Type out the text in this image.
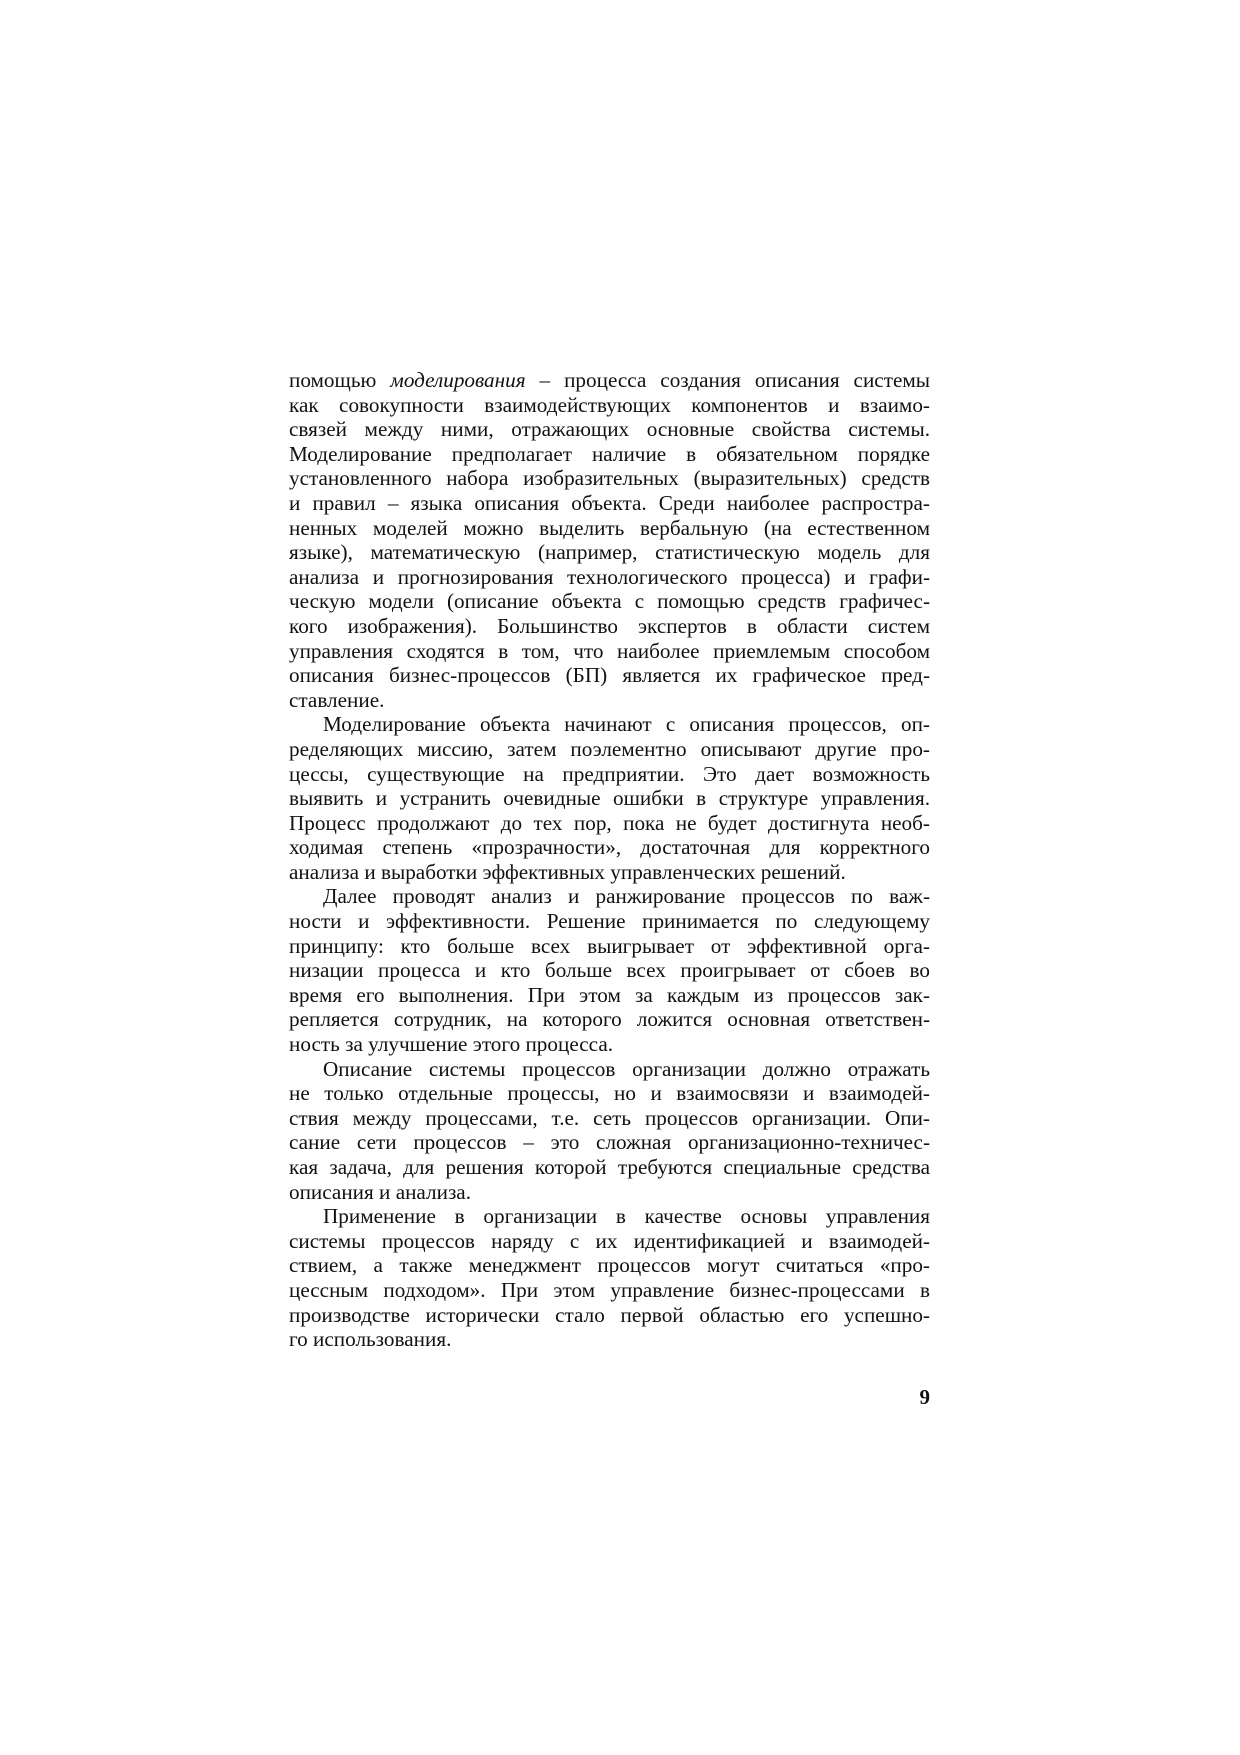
помощью моделирования – процесса создания описания системы
как совокупности взаимодействующих компонентов и взаимо-
связей между ними, отражающих основные свойства системы.
Моделирование предполагает наличие в обязательном порядке
установленного набора изобразительных (выразительных) средств
и правил – языка описания объекта. Среди наиболее распростра-
ненных моделей можно выделить вербальную (на естественном
языке), математическую (например, статистическую модель для
анализа и прогнозирования технологического процесса) и графи-
ческую модели (описание объекта с помощью средств графичес-
кого изображения). Большинство экспертов в области систем
управления сходятся в том, что наиболее приемлемым способом
описания бизнес-процессов (БП) является их графическое пред-
ставление.
Моделирование объекта начинают с описания процессов, оп-
ределяющих миссию, затем поэлементно описывают другие про-
цессы, существующие на предприятии. Это дает возможность
выявить и устранить очевидные ошибки в структуре управления.
Процесс продолжают до тех пор, пока не будет достигнута необ-
ходимая степень «прозрачности», достаточная для корректного
анализа и выработки эффективных управленческих решений.
Далее проводят анализ и ранжирование процессов по важ-
ности и эффективности. Решение принимается по следующему
принципу: кто больше всех выигрывает от эффективной орга-
низации процесса и кто больше всех проигрывает от сбоев во
время его выполнения. При этом за каждым из процессов зак-
репляется сотрудник, на которого ложится основная ответствен-
ность за улучшение этого процесса.
Описание системы процессов организации должно отражать
не только отдельные процессы, но и взаимосвязи и взаимодей-
ствия между процессами, т.е. сеть процессов организации. Опи-
сание сети процессов – это сложная организационно-техничес-
кая задача, для решения которой требуются специальные средства
описания и анализа.
Применение в организации в качестве основы управления
системы процессов наряду с их идентификацией и взаимодей-
ствием, а также менеджмент процессов могут считаться «про-
цессным подходом». При этом управление бизнес-процессами в
производстве исторически стало первой областью его успешно-
го использования.
9
